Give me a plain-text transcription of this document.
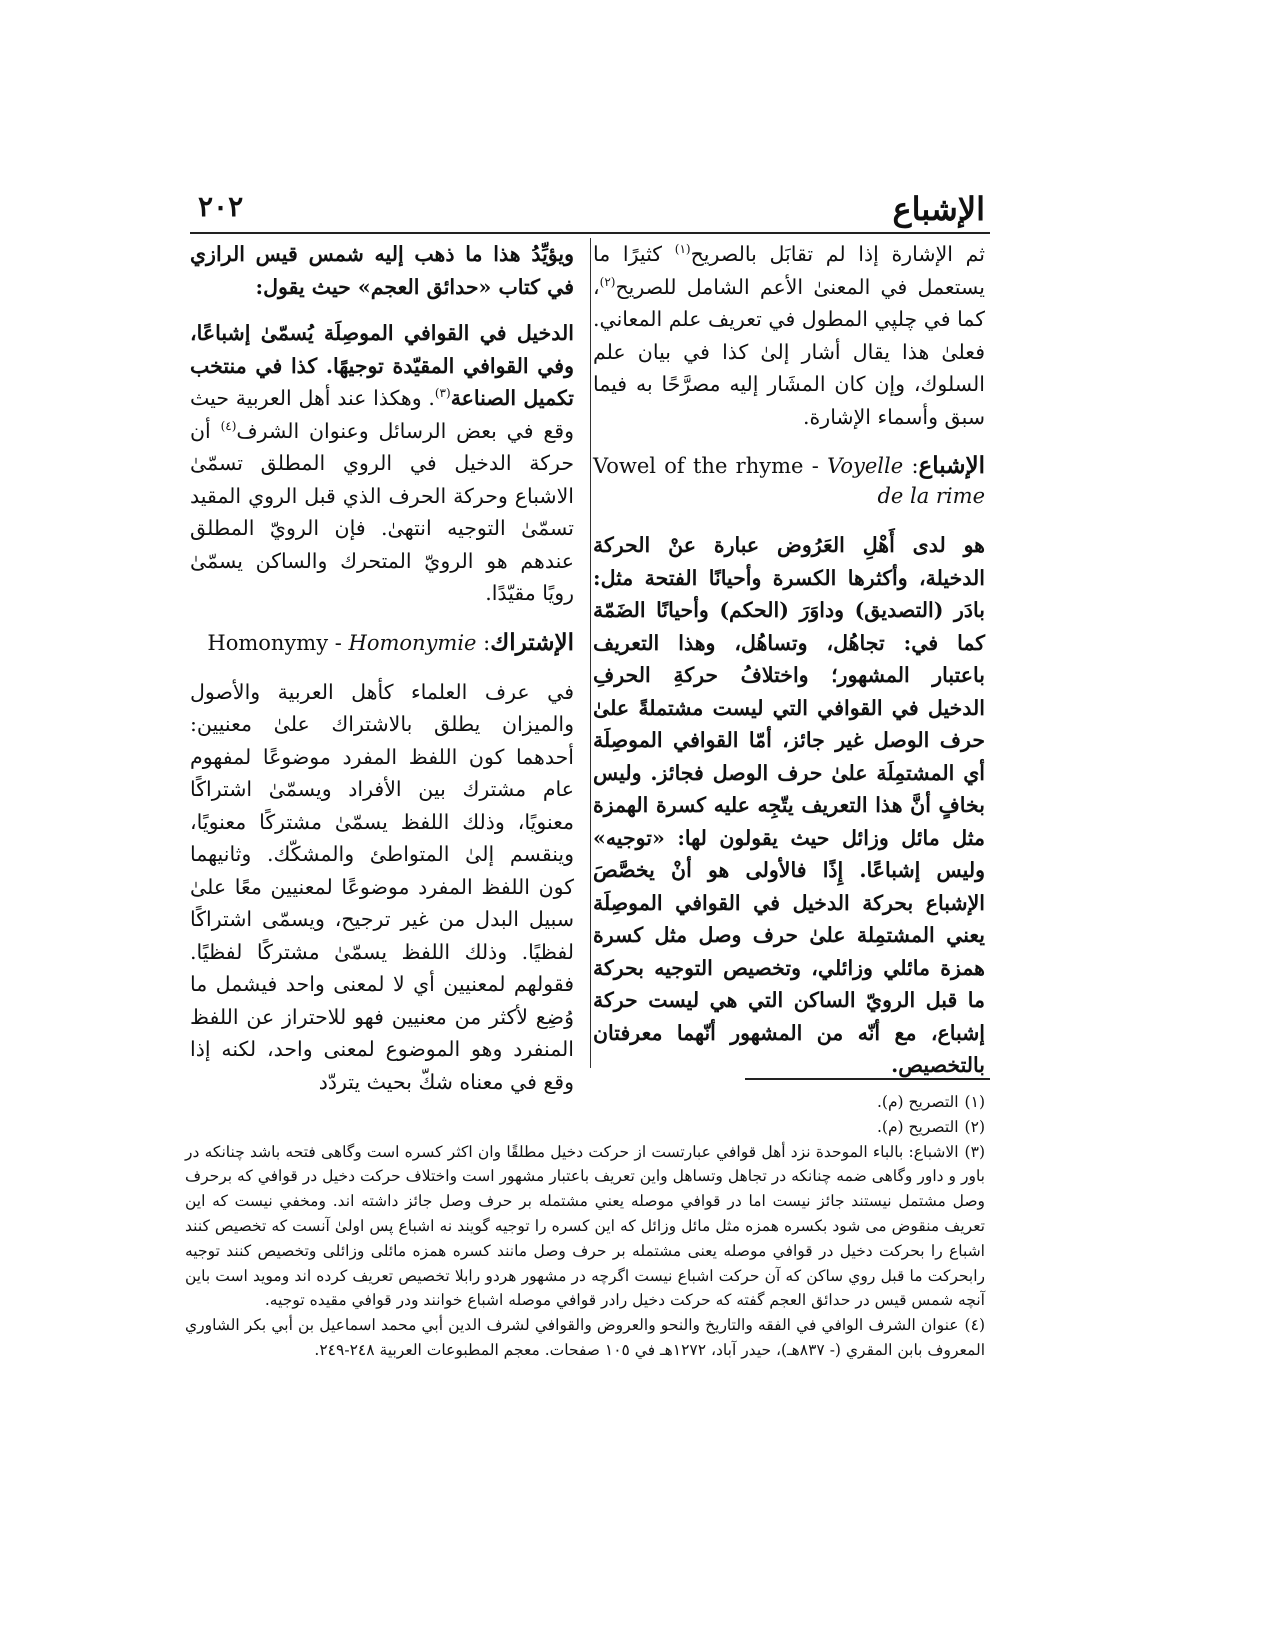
الإشباع
٢٠٢

ثم الإشارة إذا لم تقابَل بالصريح$^{(١)}$ كثيرًا ما يستعمل في المعنىٰ الأعم الشامل للصريح$^{(٢)}$، كما في چلپي المطول في تعريف علم المعاني. فعلىٰ هذا يقال أشار إلىٰ كذا في بيان علم السلوك، وإن كان المشَار إليه مصرَّحًا به فيما سبق وأسماء الإشارة.

الإشباع: Vowel of the rhyme - Voyelle de la rime

هو لدى أَهْلِ العَرُوض عبارة عنْ الحركة الدخيلة، وأكثرها الكسرة وأحيانًا الفتحة مثل: بادَر (التصديق) وداوَرَ (الحكم) وأحيانًا الضَمّة كما في: تجاهُل، وتساهُل، وهذا التعريف باعتبار المشهور؛ واختلافُ حركةِ الحرفِ الدخيل في القوافي التي ليست مشتملةً علىٰ حرف الوصل غير جائز، أمّا القوافي الموصِلَة أي المشتمِلَة علىٰ حرف الوصل فجائز. وليس بخافٍ أنَّ هذا التعريف يتّجِه عليه كسرة الهمزة مثل مائل وزائل حيث يقولون لها: «توجيه» وليس إشباعًا. إِذًا فالأولى هو أنْ يخصَّصَ الإشباع بحركة الدخيل في القوافي الموصِلَة يعني المشتمِلة علىٰ حرف وصل مثل كسرة همزة مائلي وزائلي، وتخصيص التوجيه بحركة ما قبل الرويّ الساكن التي هي ليست حركة إشباع، مع أنّه من المشهور أنّهما معرفتان بالتخصيص.

ويؤيِّدُ هذا ما ذهب إليه شمس قيس الرازي في كتاب «حدائق العجم» حيث يقول:

الدخيل في القوافي الموصِلَة يُسمّىٰ إشباعًا، وفي القوافي المقيّدة توجيهًا. كذا في منتخب تكميل الصناعة$^{(٣)}$. وهكذا عند أهل العربية حيث وقع في بعض الرسائل وعنوان الشرف$^{(٤)}$ أن حركة الدخيل في الروي المطلق تسمّىٰ الاشباع وحركة الحرف الذي قبل الروي المقيد تسمّىٰ التوجيه انتهىٰ. فإن الرويّ المطلق عندهم هو الرويّ المتحرك والساكن يسمّىٰ رويًا مقيّدًا.

الإشتراك: Homonymy - Homonymie

في عرف العلماء كأهل العربية والأصول والميزان يطلق بالاشتراك علىٰ معنيين: أحدهما كون اللفظ المفرد موضوعًا لمفهوم عام مشترك بين الأفراد ويسمّىٰ اشتراكًا معنويًا، وذلك اللفظ يسمّىٰ مشتركًا معنويًا، وينقسم إلىٰ المتواطئ والمشكّك. وثانيهما كون اللفظ المفرد موضوعًا لمعنيين معًا علىٰ سبيل البدل من غير ترجيح، ويسمّى اشتراكًا لفظيًا. وذلك اللفظ يسمّىٰ مشتركًا لفظيًا. فقولهم لمعنيين أي لا لمعنى واحد فيشمل ما وُضِع لأكثر من معنيين فهو للاحتراز عن اللفظ المنفرد وهو الموضوع لمعنى واحد، لكنه إذا وقع في معناه شكّ بحيث يتردّد

(١)التصريح (م).

(٢)التصريح (م).

(٣)الاشباع: بالباء الموحدة نزد أهل قوافي عبارتست از حركت دخيل مطلقًا وان اكثر كسره است وگاهى فتحه باشد چنانكه در باور و داور وگاهى ضمه چنانكه در تجاهل وتساهل واين تعريف باعتبار مشهور است واختلاف حركت دخيل در قوافي كه برحرف وصل مشتمل نيستند جائز نيست اما در قوافي موصله يعني مشتمله بر حرف وصل جائز داشته اند. ومخفي نيست كه اين تعريف منقوض مى شود بكسره همزه مثل مائل وزائل كه اين كسره را توجيه گويند نه اشباع پس اولىٰ آنست كه تخصيص كنند اشباع را بحركت دخيل در قوافي موصله يعنى مشتمله بر حرف وصل مانند كسره همزه مائلى وزائلى وتخصيص كنند توجيه رابحركت ما قبل روي ساكن كه آن حركت اشباع نيست اگرچه در مشهور هردو رابلا تخصيص تعريف كرده اند ومويد است باين آنچه شمس قيس در حدائق العجم گفته كه حركت دخيل رادر قوافي موصله اشباع خوانند ودر قوافي مقيده توجيه.

(٤)عنوان الشرف الوافي في الفقه والتاريخ والنحو والعروض والقوافي لشرف الدين أبي محمد اسماعيل بن أبي بكر الشاوري المعروف بابن المقري (- ٨٣٧هـ)، حيدر آباد، ١٢٧٢هـ في ١٠٥ صفحات. معجم المطبوعات العربية ٢٤٨-٢٤٩.
